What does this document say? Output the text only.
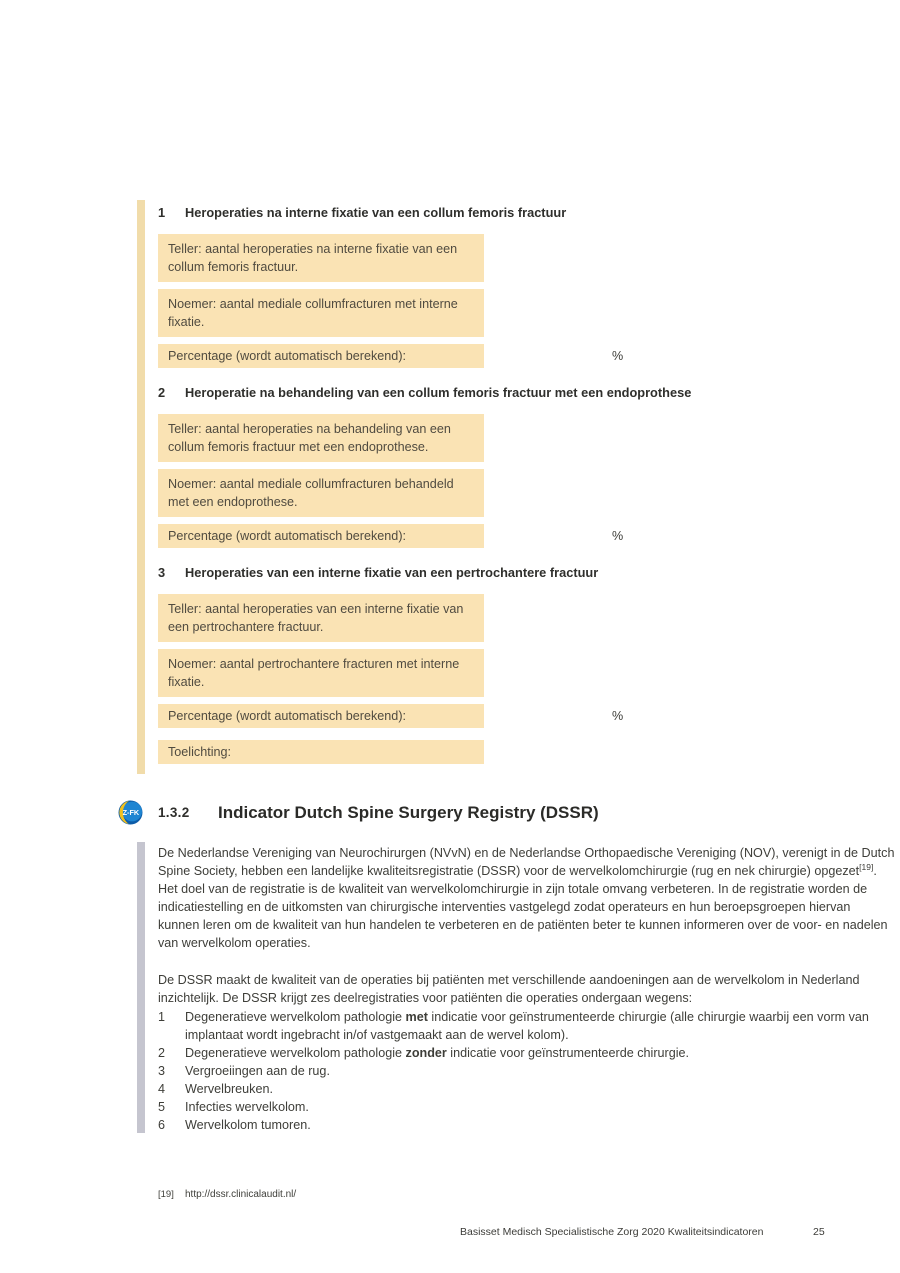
1	Heroperaties na interne fixatie van een collum femoris fractuur
Teller: aantal heroperaties na interne fixatie van een collum femoris fractuur.
Noemer: aantal mediale collumfracturen met interne fixatie.
Percentage (wordt automatisch berekend):	%
2	Heroperatie na behandeling van een collum femoris fractuur met een endoprothese
Teller: aantal heroperaties na behandeling van een collum femoris fractuur met een endoprothese.
Noemer: aantal mediale collumfracturen behandeld met een endoprothese.
Percentage (wordt automatisch berekend):	%
3	Heroperaties van een interne fixatie van een pertrochantere fractuur
Teller: aantal heroperaties van een interne fixatie van een pertrochantere fractuur.
Noemer: aantal pertrochantere fracturen met interne fixatie.
Percentage (wordt automatisch berekend):	%
Toelichting:
Z-FK 1.3.2	Indicator Dutch Spine Surgery Registry (DSSR)

De Nederlandse Vereniging van Neurochirurgen (NVvN) en de Nederlandse Orthopaedische Vereniging (NOV), verenigt in de Dutch Spine Society, hebben een landelijke kwaliteitsregistratie (DSSR) voor de wervelkolomchirurgie (rug en nek chirurgie) opgezet[19]. Het doel van de registratie is de kwaliteit van wervelkolomchirurgie in zijn totale omvang verbeteren. In de registratie worden de indicatiestelling en de uitkomsten van chirurgische interventies vastgelegd zodat operateurs en hun beroepsgroepen hiervan kunnen leren om de kwaliteit van hun handelen te verbeteren en de patiënten beter te kunnen informeren over de voor- en nadelen van wervelkolom operaties.

De DSSR maakt de kwaliteit van de operaties bij patiënten met verschillende aandoeningen aan de wervelkolom in Nederland inzichtelijk. De DSSR krijgt zes deelregistraties voor patiënten die operaties ondergaan wegens:

1	Degeneratieve wervelkolom pathologie met indicatie voor geïnstrumenteerde chirurgie (alle chirurgie waarbij een vorm van implantaat wordt ingebracht in/of vastgemaakt aan de wervel kolom).
2	Degeneratieve wervelkolom pathologie zonder indicatie voor geïnstrumenteerde chirurgie.
3	Vergroeiingen aan de rug.
4	Wervelbreuken.
5	Infecties wervelkolom.
6	Wervelkolom tumoren.
[19]	http://dssr.clinicalaudit.nl/
Basisset Medisch Specialistische Zorg 2020 Kwaliteitsindicatoren	25
